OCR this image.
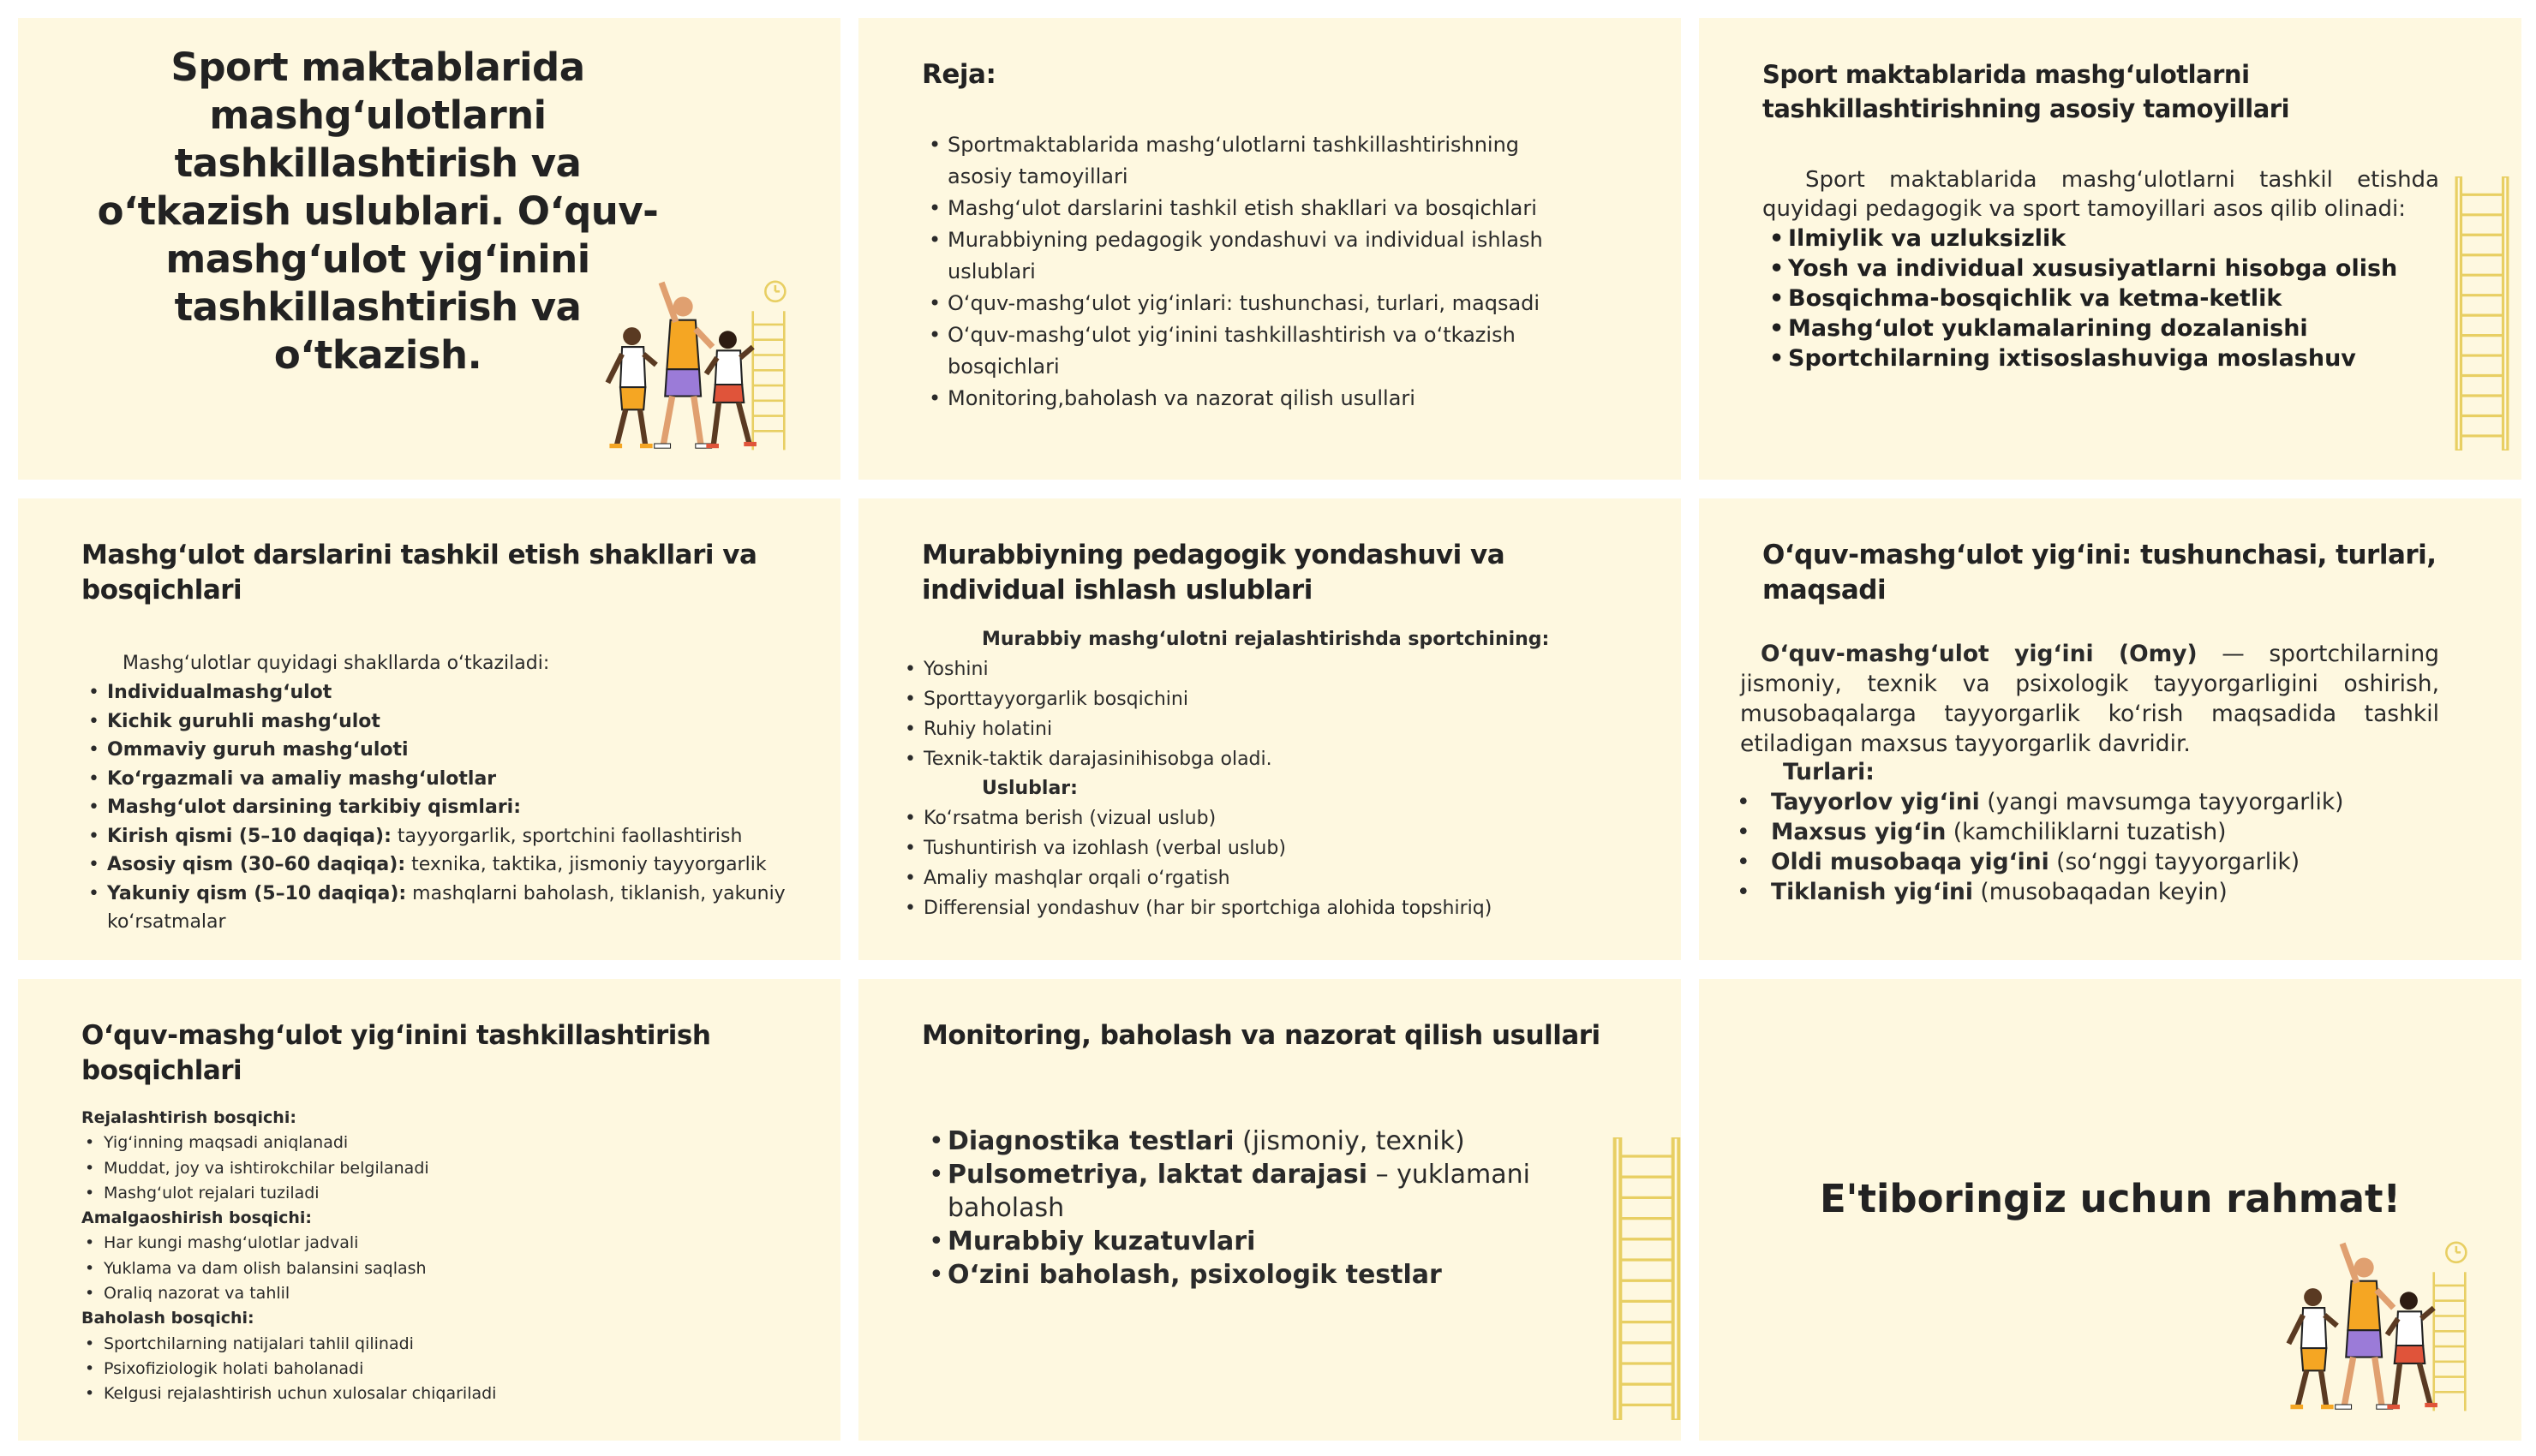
Sport maktablarida mashg‘ulotlarni tashkillashtirish va o‘tkazish uslublari. O‘quv-mashg‘ulot yig‘inini tashkillashtirish va o‘tkazish.
Reja:
• Sportmaktablarida mashg‘ulotlarni tashkillashtirishning asosiy tamoyillari
• Mashg‘ulot darslarini tashkil etish shakllari va bosqichlari
• Murabbiyning pedagogik yondashuvi va individual ishlash uslublari
• O‘quv-mashg‘ulot yig‘inlari: tushunchasi, turlari, maqsadi
• O‘quv-mashg‘ulot yig‘inini tashkillashtirish va o‘tkazish bosqichlari
• Monitoring,baholash va nazorat qilish usullari
Sport maktablarida mashg‘ulotlarni tashkillashtirishning asosiy tamoyillari
Sport maktablarida mashg‘ulotlarni tashkil etishda quyidagi pedagogik va sport tamoyillari asos qilib olinadi:
• Ilmiylik va uzluksizlik
• Yosh va individual xususiyatlarni hisobga olish
• Bosqichma-bosqichlik va ketma-ketlik
• Mashg‘ulot yuklamalarining dozalanishi
• Sportchilarning ixtisoslashuviga moslashuv
Mashg‘ulot darslarini tashkil etish shakllari va bosqichlari
Mashg‘ulotlar quyidagi shakllarda o‘tkaziladi:
• Individualmashg‘ulot
• Kichik guruhli mashg‘ulot
• Ommaviy guruh mashg‘uloti
• Ko‘rgazmali va amaliy mashg‘ulotlar
• Mashg‘ulot darsining tarkibiy qismlari:
• Kirish qismi (5–10 daqiqa): tayyorgarlik, sportchini faollashtirish
• Asosiy qism (30–60 daqiqa): texnika, taktika, jismoniy tayyorgarlik
• Yakuniy qism (5–10 daqiqa): mashqlarni baholash, tiklanish, yakuniy ko‘rsatmalar
Murabbiyning pedagogik yondashuvi va individual ishlash uslublari
Murabbiy mashg‘ulotni rejalashtirishda sportchining:
• Yoshini
• Sporttayyorgarlik bosqichini
• Ruhiy holatini
• Texnik-taktik darajasinihisobga oladi.
Uslublar:
• Ko‘rsatma berish (vizual uslub)
• Tushuntirish va izohlash (verbal uslub)
• Amaliy mashqlar orqali o‘rgatish
• Differensial yondashuv (har bir sportchiga alohida topshiriq)
O‘quv-mashg‘ulot yig‘ini: tushunchasi, turlari, maqsadi
O‘quv-mashg‘ulot yig‘ini (Omy) — sportchilarning jismoniy, texnik va psixologik tayyorgarligini oshirish, musobaqalarga tayyorgarlik ko‘rish maqsadida tashkil etiladigan maxsus tayyorgarlik davridir.
Turlari:
• Tayyorlov yig‘ini (yangi mavsumga tayyorgarlik)
• Maxsus yig‘in (kamchiliklarni tuzatish)
• Oldi musobaqa yig‘ini (so‘nggi tayyorgarlik)
• Tiklanish yig‘ini (musobaqadan keyin)
O‘quv-mashg‘ulot yig‘inini tashkillashtirish bosqichlari
Rejalashtirish bosqichi:
• Yig‘inning maqsadi aniqlanadi
• Muddat, joy va ishtirokchilar belgilanadi
• Mashg‘ulot rejalari tuziladi
Amalgaoshirish bosqichi:
• Har kungi mashg‘ulotlar jadvali
• Yuklama va dam olish balansini saqlash
• Oraliq nazorat va tahlil
Baholash bosqichi:
• Sportchilarning natijalari tahlil qilinadi
• Psixofiziologik holati baholanadi
• Kelgusi rejalashtirish uchun xulosalar chiqariladi
Monitoring, baholash va nazorat qilish usullari
• Diagnostika testlari (jismoniy, texnik)
• Pulsometriya, laktat darajasi – yuklamani baholash
• Murabbiy kuzatuvlari
• O‘zini baholash, psixologik testlar
E'tiboringiz uchun rahmat!
